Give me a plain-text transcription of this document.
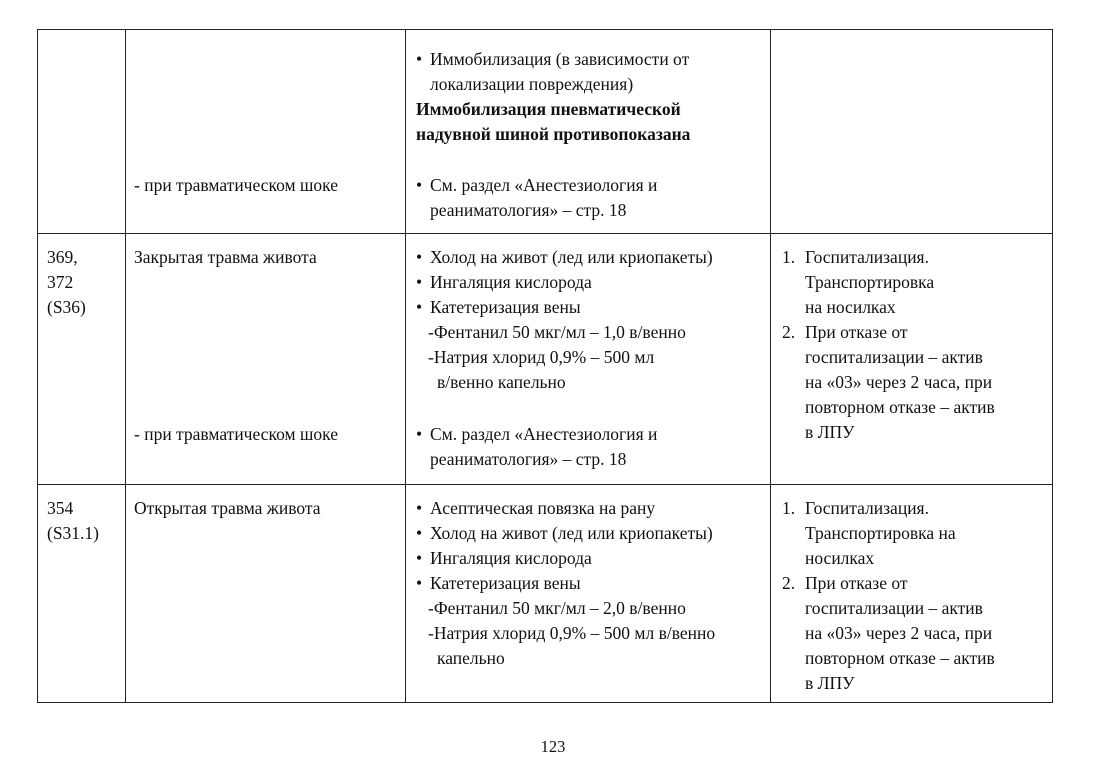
- при травматическом шоке
• Иммобилизация (в зависимости от
локализации повреждения)
Иммобилизация пневматической
надувной шиной противопоказана
• См. раздел «Анестезиология и
реаниматология» – стр. 18
369,
372
(S36)
Закрытая травма живота
- при травматическом шоке
• Холод на живот (лед или криопакеты)
• Ингаляция кислорода
• Катетеризация вены
-Фентанил 50 мкг/мл – 1,0 в/венно
-Натрия хлорид 0,9% – 500 мл
в/венно капельно
• См. раздел «Анестезиология и
реаниматология» – стр. 18
1. Госпитализация.
Транспортировка
на носилках
2. При отказе от
госпитализации – актив
на «03» через 2 часа, при
повторном отказе – актив
в ЛПУ
354
(S31.1)
Открытая травма живота
•	Асептическая повязка на рану
• Холод на живот (лед или криопакеты)
• Ингаляция кислорода
• Катетеризация вены
-Фентанил 50 мкг/мл – 2,0 в/венно
-Натрия хлорид 0,9% – 500 мл в/венно
капельно
1. Госпитализация.
Транспортировка на
носилках
2. При отказе от
госпитализации – актив
на «03» через 2 часа, при
повторном отказе – актив
в ЛПУ
123
